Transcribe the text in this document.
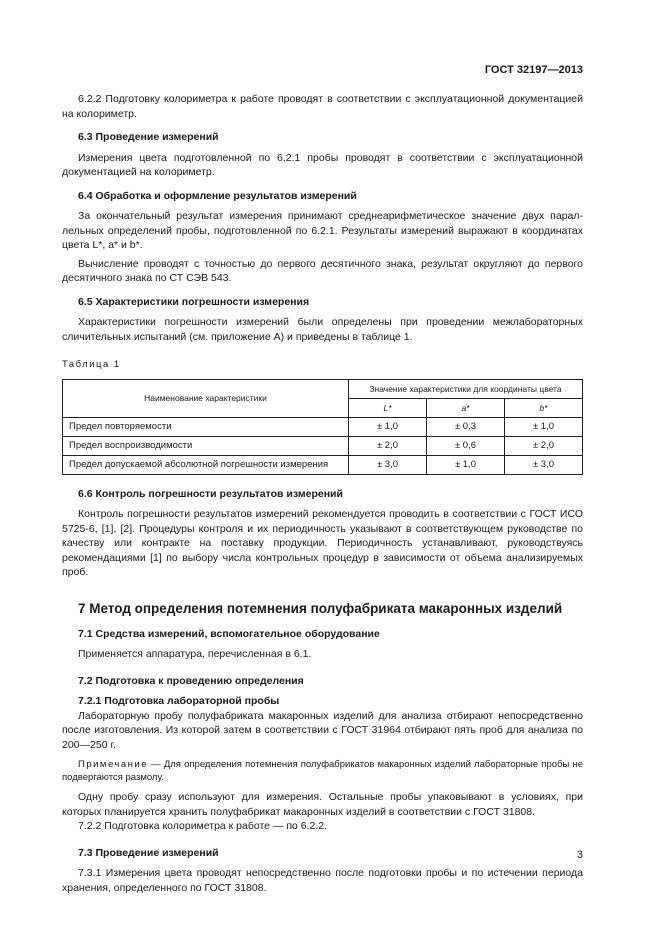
ГОСТ 32197—2013

6.2.2 Подготовку колориметра к работе проводят в соответствии с эксплуатационной документацией на колориметр.

6.3 Проведение измерений

Измерения цвета подготовленной по 6.2.1 пробы проводят в соответствии с эксплуатационной документацией на колориметр.

6.4 Обработка и оформление результатов измерений

За окончательный результат измерения принимают среднеарифметическое значение двух параллельных определений пробы, подготовленной по 6.2.1. Результаты измерений выражают в координатах цвета L*, a* и b*.

Вычисление проводят с точностью до первого десятичного знака, результат округляют до первого десятичного знака по СТ СЭВ 543.

6.5 Характеристики погрешности измерения

Характеристики погрешности измерений были определены при проведении межлабораторных сличительных испытаний (см. приложение А) и приведены в таблице 1.

Таблица 1
Наименование характеристики	Значение характеристики для координаты цвета		
	L*	a*	b*
Предел повторяемости	± 1,0	± 0,3	± 1,0
Предел воспроизводимости	± 2,0	± 0,6	± 2,0
Предел допускаемой абсолютной погрешности измерения	± 3,0	± 1,0	± 3,0
6.6 Контроль погрешности результатов измерений

Контроль погрешности результатов измерений рекомендуется проводить в соответствии с ГОСТ ИСО 5725-6, [1], [2]. Процедуры контроля и их периодичность указывают в соответствующем руководстве по качеству или контракте на поставку продукции. Периодичность устанавливают, руководствуясь рекомендациями [1] по выбору числа контрольных процедур в зависимости от объема анализируемых проб.

7 Метод определения потемнения полуфабриката макаронных изделий
7.1 Средства измерений, вспомогательное оборудование

Применяется аппаратура, перечисленная в 6.1.

7.2 Подготовка к проведению определения
7.2.1 Подготовка лабораторной пробы

Лабораторную пробу полуфабриката макаронных изделий для анализа отбирают непосредственно после изготовления. Из которой затем в соответствии с ГОСТ 31964 отбирают пять проб для анализа по 200—250 г.

Примечание — Для определения потемнения полуфабрикатов макаронных изделий лабораторные пробы не подвергаются размолу.

Одну пробу сразу используют для измерения. Остальные пробы упаковывают в условиях, при которых планируется хранить полуфабрикат макаронных изделий в соответствии с ГОСТ 31808.

7.2.2 Подготовка колориметра к работе — по 6.2.2.

7.3 Проведение измерений

7.3.1 Измерения цвета проводят непосредственно после подготовки пробы и по истечении периода хранения, определенного по ГОСТ 31808.

3
